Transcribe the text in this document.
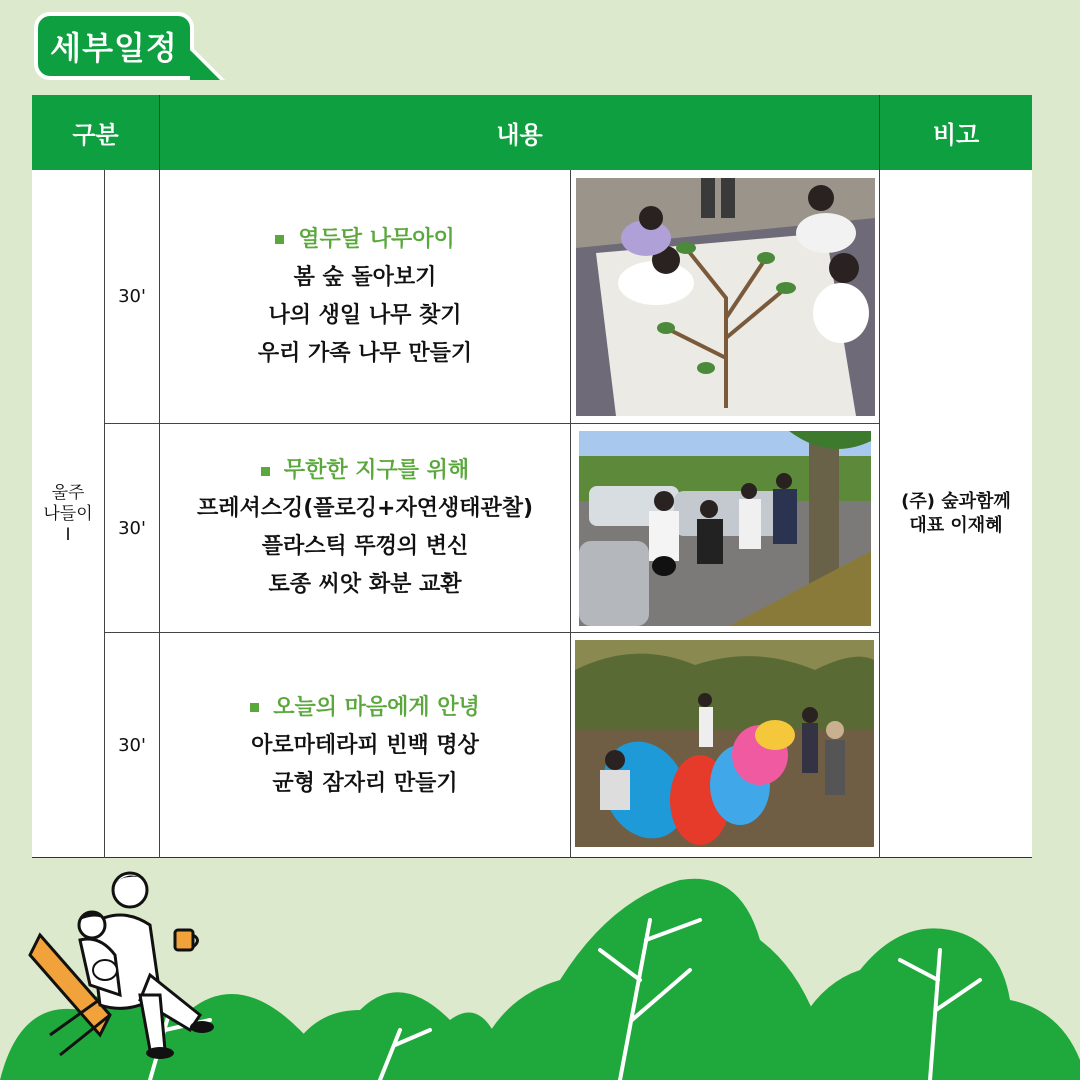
세부일정
구분	내용	비고
울주
나들이
I
30'
열두달 나무아이
봄 숲 돌아보기
나의 생일 나무 찾기
우리 가족 나무 만들기
30'
무한한 지구를 위해
프레셔스깅(플로깅+자연생태관찰)
플라스틱 뚜껑의 변신
토종 씨앗 화분 교환
30'
오늘의 마음에게 안녕
아로마테라피 빈백 명상
균형 잠자리 만들기
(주) 숲과함께
대표 이재혜
